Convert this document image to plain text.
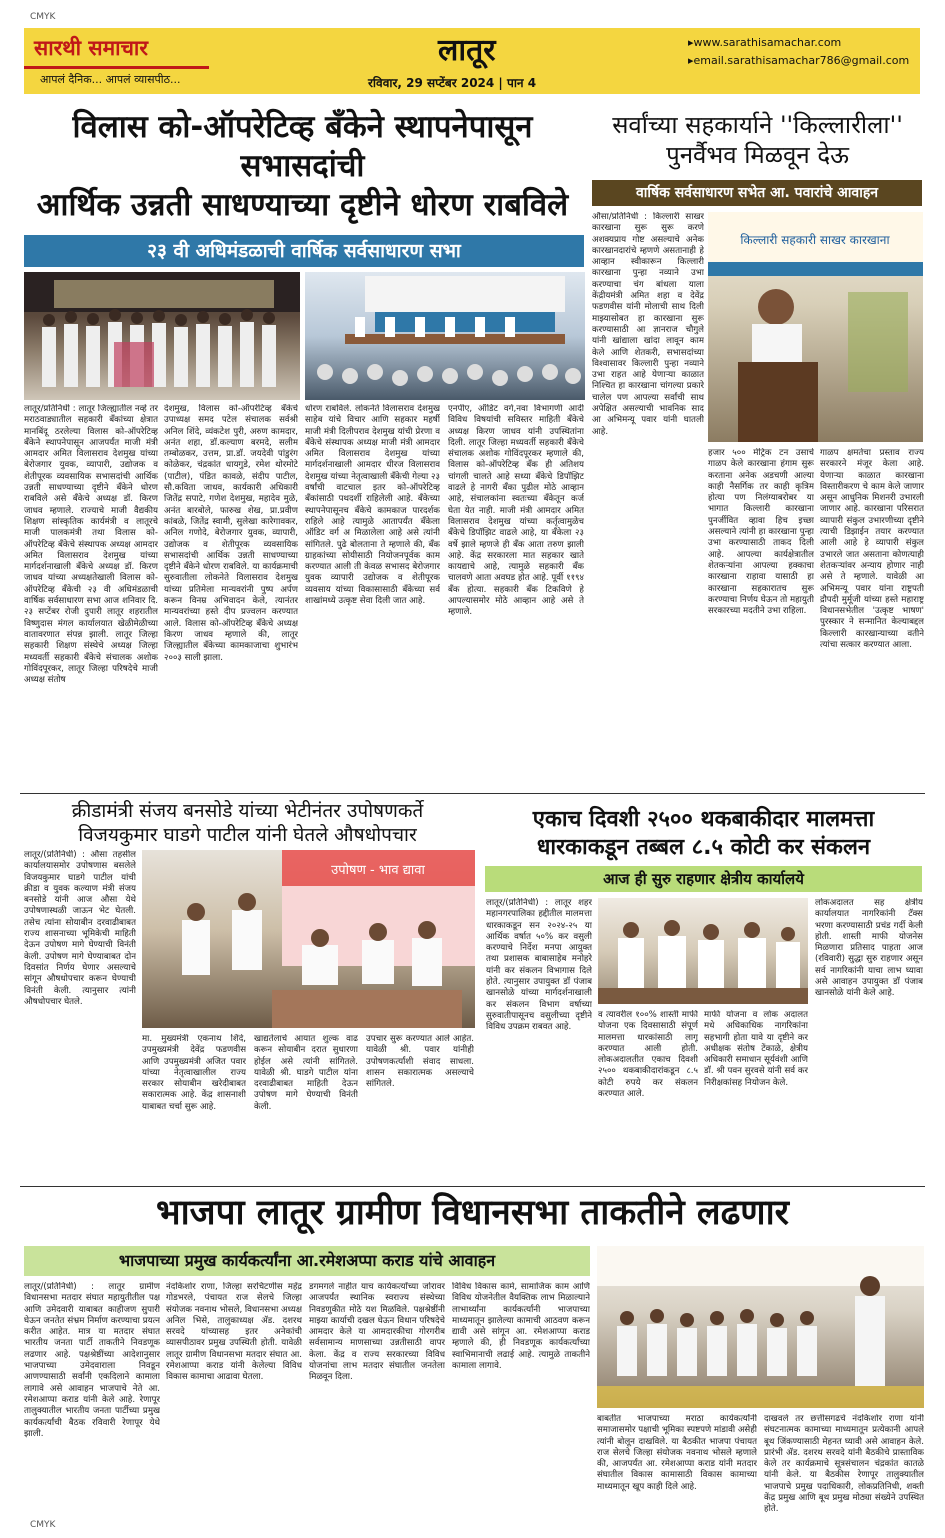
CMYK
CMYK
सारथी समाचार
आपलं दैनिक... आपलं व्यासपीठ...
लातूर
रविवार, 29 सप्टेंबर 2024 | पान 4
▸ www.sarathisamachar.com
▸ email.sarathisamachar786@gmail.com
विलास को-ऑपरेटिव्ह बँकेने स्थापनेपासून सभासदांची
आर्थिक उन्नती साधण्याच्या दृष्टीने धोरण राबविले
२३ वी अधिमंडळाची वार्षिक सर्वसाधारण सभा
लातूर/प्रतिनिधी : लातूर जिल्ह्यातील नव्हे तर मराठवाड्यातील सहकारी बँकांच्या क्षेत्रात मानबिंदू ठरलेल्या विलास को-ऑपरेटिव्ह बँकेने स्थापनेपासून आजपर्यंत माजी मंत्री आमदार अमित विलासराव देशमुख यांच्या बेरोजगार युवक, व्यापारी, उद्योजक व शेतीपूरक व्यवसायिक सभासदांची आर्थिक उन्नती साधण्याच्या दृष्टीने बँकेने धोरण राबविले असे बँकेचे अध्यक्ष डॉ. किरण जाधव म्हणाले. राज्याचे माजी वैद्यकीय शिक्षण सांस्कृतिक कार्यमंत्री व लातूरचे माजी पालकमंत्री तथा विलास को-ऑपरेटिव्ह बँकेचे संस्थापक अध्यक्ष आमदार अमित विलासराव देशमुख यांच्या मार्गदर्शनाखाली बँकेचे अध्यक्ष डॉ. किरण जाधव यांच्या अध्यक्षतेखाली विलास को-ऑपरेटिव्ह बँकेची २३ वी अधिमंडळाची वार्षिक सर्वसाधारण सभा आज शनिवार दि. २३ सप्टेंबर रोजी दुपारी लातूर शहरातील विष्णुदास मंगल कार्यालयात खेळीमेळीच्या वातावरणात संपन्न झाली. लातूर जिल्हा सहकारी शिक्षण संस्थेचे अध्यक्ष जिल्हा मध्यवर्ती सहकारी बँकेचे संचालक अशोक गोविंदपूरकर, लातूर जिल्हा परिषदेचे माजी अध्यक्ष संतोष
देशमुख, विलास को-ऑपरेटिव्ह बँकेचे उपाध्यक्ष समद पटेल संचालक सर्वश्री अनिल शिंदे, व्यंकटेश पुरी, अरुण कामदार, अनंत शहा, डॉ.कल्याण बरमदे, सलीम तम्बोळकर, उत्तम, प्रा.डॉ. जयदेवी पांडुरंग कोळेकर, चंद्रकांत धायगुडे, रमेश थोरमोटे (पाटील), पंडित कावळे, संदीप पाटील, सौ.कविता जाधव, कार्यकारी अधिकारी जितेंद्र सपाटे, गणेश देशमुख, महादेव मुळे, अनंत बारबोले, फारुख शेख, प्रा.प्रवीण कांबळे, जितेंद्र स्वामी, सुलेखा कारेगावकर, अनिल गणोदे, बेरोजगार युवक, व्यापारी, उद्योजक व शेतीपूरक व्यवसायिक सभासदांची आर्थिक उन्नती साधण्याच्या दृष्टीने बँकेने धोरण राबविले. या कार्यक्रमाची सुरुवातीला लोकनेते विलासराव देशमुख यांच्या प्रतिमेला मान्यवरांनी पुष्प अर्पण करून विनम्र अभिवादन केले, त्यानंतर मान्यवरांच्या हस्ते दीप प्रज्वलन करण्यात आले. विलास को-ऑपरेटिव्ह बँकेचे अध्यक्ष किरण जाधव म्हणाले की, लातूर जिल्ह्यातील बँकेच्या कामकाजाचा शुभारंभ २००३ साली झाला.
धोरण राबविले. लोकनेते विलासराव देशमुख साहेब यांचे विचार आणि सहकार महर्षी माजी मंत्री दिलीपराव देशमुख यांची प्रेरणा व बँकेचे संस्थापक अध्यक्ष माजी मंत्री आमदार अमित विलासराव देशमुख यांच्या मार्गदर्शनाखाली आमदार धीरज विलासराव देशमुख यांच्या नेतृत्वाखाली बँकेची गेल्या २३ वर्षांची वाटचाल इतर को-ऑपरेटिव्ह बँकांसाठी पथदर्शी राहिलेली आहे. बँकेच्या स्थापनेपासूनच बँकेचे कामकाज पारदर्शक राहिले आहे त्यामुळे आतापर्यंत बँकेला ऑडिट वर्ग अ मिळालेला आहे असे त्यांनी सांगितले. पुढे बोलताना ते म्हणाले की, बँक ग्राहकांच्या सोयीसाठी नियोजनपूर्वक काम करण्यात आली ती केवळ सभासद बेरोजगार युवक व्यापारी उद्योजक व शेतीपूरक व्यवसाय यांच्या विकासासाठी बँकेच्या सर्व शाखांमध्ये उत्कृष्ट सेवा दिली जात आहे.
एनपीए, ऑडिट वर्ग,नवा विभागणी आदी विविध विषयांची सविस्तर माहिती बँकेचे अध्यक्ष किरण जाधव यांनी उपस्थितांना दिली. लातूर जिल्हा मध्यवर्ती सहकारी बँकेचे संचालक अशोक गोविंदपूरकर म्हणाले की, विलास को-ऑपरेटिव्ह बँक ही अतिशय चांगली चालते आहे सध्या बँकेचे डिपॉझिट वाढले हे नागरी बँका पुढील मोठे आव्हान आहे, संचालकांना स्वतःच्या बँकेतून कर्ज घेता येत नाही. माजी मंत्री आमदार अमित विलासराव देशमुख यांच्या कर्तृत्वामुळेच बँकेचे डिपॉझिट वाढले आहे, या बँकेला २३ वर्षे झाले म्हणजे ही बँक आता तरुण झाली आहे. केंद्र सरकारला मात सहकार खाते कायद्याचे आहे, त्यामुळे सहकारी बँक चालवणे आता अवघड होत आहे. पूर्वी ११९४ बँक होत्या. सहकारी बँक टिकविणे हे आपल्यासमोर मोठे आव्हान आहे असे ते म्हणाले.
सर्वांच्या सहकार्याने ''किल्लारीला''
पुनर्वैभव मिळवून देऊ
वार्षिक सर्वसाधारण सभेत आ. पवारांचे आवाहन
औसा/प्रतिनिधी : किल्लारी साखर कारखाना सुरू सुरू करणे अशक्यप्राय गोष्ट असल्याचे अनेक कारखानदारांचे म्हणणे असतानाही हे आव्हान स्वीकारून किल्लारी कारखाना पुन्हा नव्याने उभा करण्याचा चंग बांधला याला केंद्रीयमंत्री अमित शहा व देवेंद्र फडणवीस यांनी मोलाची साथ दिली माझ्यासोबत हा कारखाना सुरू करण्यासाठी आ ज्ञानराज चौगुले यांनी खांद्याला खांदा लावून काम केले आणि शेतकरी, सभासदांच्या विश्वासावर किल्लारी पुन्हा नव्याने उभा राहत आहे येणाऱ्या काळात निश्चित हा कारखाना चांगल्या प्रकारे चालेल पण आपल्या सर्वांची साथ अपेक्षित असल्याची भावनिक साद आ अभिमन्यू पवार यांनी घातली आहे.
किल्लारी सहकारी साखर कारखाना
हजार ५०० मेट्रिक टन उसाचे गाळप केले कारखाना हंगाम सुरू करताना अनेक अडचणी आल्या काही नैसर्गिक तर काही कृत्रिम होत्या पण निलंग्याबरोबर या भागात किल्लारी कारखाना पुनर्जीवित व्हावा हिच इच्छा असल्याने त्यांनी हा कारखाना पुन्हा उभा करण्यासाठी ताकद दिली आहे. आपल्या कार्यक्षेत्रातील शेतकऱ्यांना आपल्या हक्काचा कारखाना राहावा यासाठी हा कारखाना सहकारातच सुरू करण्याचा निर्णय घेऊन तो महायुती सरकारच्या मदतीने उभा राहिला.
गाळप क्षमतेचा प्रस्ताव राज्य सरकारने मंजूर केला आहे. येणाऱ्या काळात कारखाना विस्तारीकरण चे काम केले जाणार असून आधुनिक मिशनरी उभारली जाणार आहे. कारखाना परिसरात व्यापारी संकुल उभारणीच्या दृष्टीने त्याची डिझाईन तयार करण्यात आली आहे हे व्यापारी संकुल उभारले जात असताना कोणत्याही शेतकऱ्यांवर अन्याय होणार नाही असे ते म्हणाले. यावेळी आ अभिमन्यू पवार यांना राष्ट्रपती द्रौपदी मुर्मूजी यांच्या हस्ते महाराष्ट्र विधानसभेतील 'उत्कृष्ट भाषण' पुरस्कार ने सन्मानित केल्याबद्दल किल्लारी कारखान्याच्या वतीने त्यांचा सत्कार करण्यात आला.
क्रीडामंत्री संजय बनसोडे यांच्या भेटीनंतर उपोषणकर्ते
विजयकुमार घाडगे पाटील यांनी घेतले औषधोपचार
लातूर/(प्रतिनिधी) : औसा तहसील कार्यालयासमोर उपोषणास बसलेले विजयकुमार घाडगे पाटील यांची क्रीडा व युवक कल्याण मंत्री संजय बनसोडे यांनी आज औसा येथे उपोषणास्थळी जाऊन भेट घेतली. तसेच त्यांना सोयाबीन दरवाढीबाबत राज्य शासनाच्या भूमिकेची माहिती देऊन उपोषण मागे घेण्याची विनंती केली. उपोषण मागे घेण्याबाबत दोन दिवसांत निर्णय घेणार असल्याचे सांगून औषधोपचार करून घेण्याची विनंती केली. त्यानुसार त्यांनी औषधोपचार घेतले.
उपोषण - भाव द्यावा
मा. मुख्यमंत्री एकनाथ शिंदे, उपमुख्यमंत्री देवेंद्र फडणवीस आणि उपमुख्यमंत्री अजित पवार यांच्या नेतृत्वाखालील राज्य सरकार सोयाबीन खरेदीबाबत सकारात्मक आहे. केंद्र शासनाशी याबाबत चर्चा सुरू आहे.
खाद्यतेलाचे आयात शुल्क वाढ करून सोयाबीन दरात सुधारणा होईल असे त्यांनी सांगितले. यावेळी श्री. घाडगे पाटील यांना दरवाढीबाबत माहिती देऊन उपोषण मागे घेण्याची विनंती केली.
उपचार सुरू करण्यात आले आहेत. यावेळी श्री. पवार यांनीही उपोषणकर्त्यांशी संवाद साधला. शासन सकारात्मक असल्याचे सांगितले.
एकाच दिवशी २५०० थकबाकीदार मालमत्ता
धारकाकडून तब्बल ८.५ कोटी कर संकलन
आज ही सुरु राहणार क्षेत्रीय कार्यालये
लातूर/(प्रतिनिधी) : लातूर शहर महानगरपालिका हद्दीतील मालमत्ता धारकाकडून सन २०२४-२५ या आर्थिक वर्षात ५०% कर वसुली करण्याचे निर्देश मनपा आयुक्त तथा प्रशासक बाबासाहेब मनोहरे यांनी कर संकलन विभागास दिले होते. त्यानुसार उपायुक्त डॉ पंजाब खानसोळे यांच्या मार्गदर्शनाखाली कर संकलन विभाग वर्षाच्या सुरुवातीपासूनच वसुलीच्या दृष्टीने विविध उपक्रम राबवत आहे.
व त्यावरील १००% शास्ती माफी योजना एक दिवसासाठी संपूर्ण मालमत्ता धारकांसाठी लागू करण्यात आली होती. लोकअदालतीत एकाच दिवशी २५०० थकबाकीदारांकडून ८.५ कोटी रुपये कर संकलन करण्यात आले.
माफी योजना व लोक अदालत मधे अधिकाधिक नागरिकांना सहभागी होता यावे या दृष्टीने कर अधीक्षक संतोष टेंकाळे, क्षेत्रीय अधिकारी समाधान सूर्यवंशी आणि डॉ. श्री पवन सुरवसे यांनी सर्व कर निरीक्षकांसह नियोजन केले.
लोकअदालत सह क्षेत्रीय कार्यालयात नागरिकांनी टॅक्स भरणा करण्यासाठी प्रचंड गर्दी केली होती. शास्ती माफी योजनेस मिळणारा प्रतिसाद पाहता आज (रविवारी) सुद्धा सुरु राहणार असून सर्व नागरिकांनी याचा लाभ घ्यावा असे आवाहन उपायुक्त डॉ पंजाब खानसोळे यांनी केले आहे.
भाजपा लातूर ग्रामीण विधानसभा ताकतीने लढणार
भाजपाच्या प्रमुख कार्यकर्त्यांना आ.रमेशअप्पा कराड यांचे आवाहन
लातूर/(प्रतिनिधी) : लातूर ग्रामीण विधानसभा मतदार संघात महायुतीतील पक्ष आणि उमेदवारी याबाबत काहीजण सुपारी घेऊन जनतेत संभ्रम निर्माण करण्याचा प्रयत्न करीत आहेत. मात्र या मतदार संघात भारतीय जनता पार्टी ताकतीने निवडणूक लढणार आहे. पक्षश्रेष्ठींच्या आदेशानुसार भाजपाच्या उमेदवाराला निवडून आणण्यासाठी सर्वांनी एकदिलाने कामाला लागावे असे आवाहन भाजपाचे नेते आ. रमेशआप्पा कराड यांनी केले आहे. रेणापूर तालुक्यातील भारतीय जनता पार्टीच्या प्रमुख कार्यकर्त्यांची बैठक रविवारी रेणापूर येथे झाली.
नंदकिशोर राणा, जिल्हा सरचिटणीस महेंद्र गोडभरले, पंचायत राज सेलचे जिल्हा संयोजक नवनाथ भोसले, विधानसभा अध्यक्ष अनिल भिसे, तालुकाध्यक्ष ॲड. दशरथ सरवदे यांच्यासह इतर अनेकांची व्यासपीठावर प्रमुख उपस्थिती होती. यावेळी लातूर ग्रामीण विधानसभा मतदार संघात आ. रमेशआप्पा कराड यांनी केलेल्या विविध विकास कामाचा आढावा घेतला.
डगमगले नाहीत याच कार्यकर्त्यांच्या जोरावर आजपर्यंत स्थानिक स्वराज्य संस्थेच्या निवडणुकीत मोठे यश मिळविले. पक्षश्रेष्ठींनी माझ्या कार्याची दखल घेऊन विधान परिषदेचे आमदार केले या आमदारकीचा गोरगरीब सर्वसामान्य माणसाच्या उन्नतीसाठी वापर केला. केंद्र व राज्य सरकारच्या विविध योजनांचा लाभ मतदार संघातील जनतेला मिळवून दिला.
विविध विकास कामे, सामाजिक काम आणि विविध योजनेतील वैयक्तिक लाभ मिळाल्याने लाभार्थ्यांना कार्यकर्त्यांनी भाजपाच्या माध्यमातून झालेल्या कामाची आठवण करून द्यावी असे सांगून आ. रमेशआप्पा कराड म्हणाले की, ही निवडणूक कार्यकर्त्यांच्या स्वाभिमानाची लढाई आहे. त्यामुळे ताकतीने कामाला लागावे.
बाबतीत भाजपाच्या मराठा कार्यकर्त्यांनी समाजासमोर पक्षाची भूमिका स्पष्टपणे मांडावी असेही त्यांनी बोलून दाखविले. या बैठकीत भाजपा पंचायत राज सेलचे जिल्हा संयोजक नवनाथ भोसले म्हणाले की, आजपर्यंत आ. रमेशआप्पा कराड यांनी मतदार संघातील विकास कामासाठी विकास कामाच्या माध्यमातून खूप काही दिले आहे.
दाखवले तर छत्तीसगढचे नंदकिशोर राणा यांनी संघटनात्मक कामाच्या माध्यमातून प्रत्येकानी आपले बूथ जिंकण्यासाठी मेहनत घ्यावी असे आवाहन केले. प्रारंभी ॲड. दशरथ सरवदे यांनी बैठकीचे प्रास्ताविक केले तर कार्यक्रमाचे सूत्रसंचालन चंद्रकांत कातळे यांनी केले. या बैठकीस रेणापूर तालुक्यातील भाजपाचे प्रमुख पदाधिकारी, लोकप्रतिनिधी, शक्ती केंद्र प्रमुख आणि बूथ प्रमुख मोठ्या संख्येने उपस्थित होते.
